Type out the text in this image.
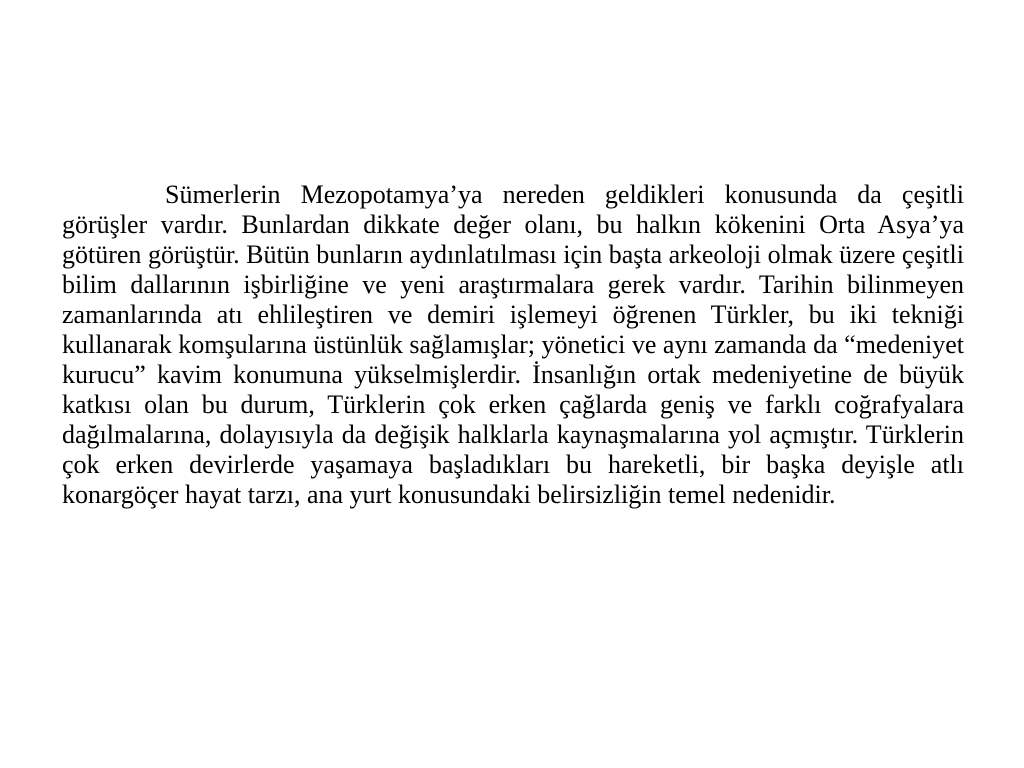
Sümerlerin Mezopotamya’ya nereden geldikleri konusunda da çeşitli görüşler vardır. Bunlardan dikkate değer olanı, bu halkın kökenini Orta Asya’ya götüren görüştür. Bütün bunların aydınlatılması için başta arkeoloji olmak üzere çeşitli bilim dallarının işbirliğine ve yeni araştırmalara gerek vardır. Tarihin bilinmeyen zamanlarında atı ehlileştiren ve demiri işlemeyi öğrenen Türkler, bu iki tekniği kullanarak komşularına üstünlük sağlamışlar; yönetici ve aynı zamanda da “medeniyet kurucu” kavim konumuna yükselmişlerdir. İnsanlığın ortak medeniyetine de büyük katkısı olan bu durum, Türklerin çok erken çağlarda geniş ve farklı coğrafyalara dağılmalarına, dolayısıyla da değişik halklarla kaynaşmalarına yol açmıştır. Türklerin çok erken devirlerde yaşamaya başladıkları bu hareketli, bir başka deyişle atlı konargöçer hayat tarzı, ana yurt konusundaki belirsizliğin temel nedenidir.
